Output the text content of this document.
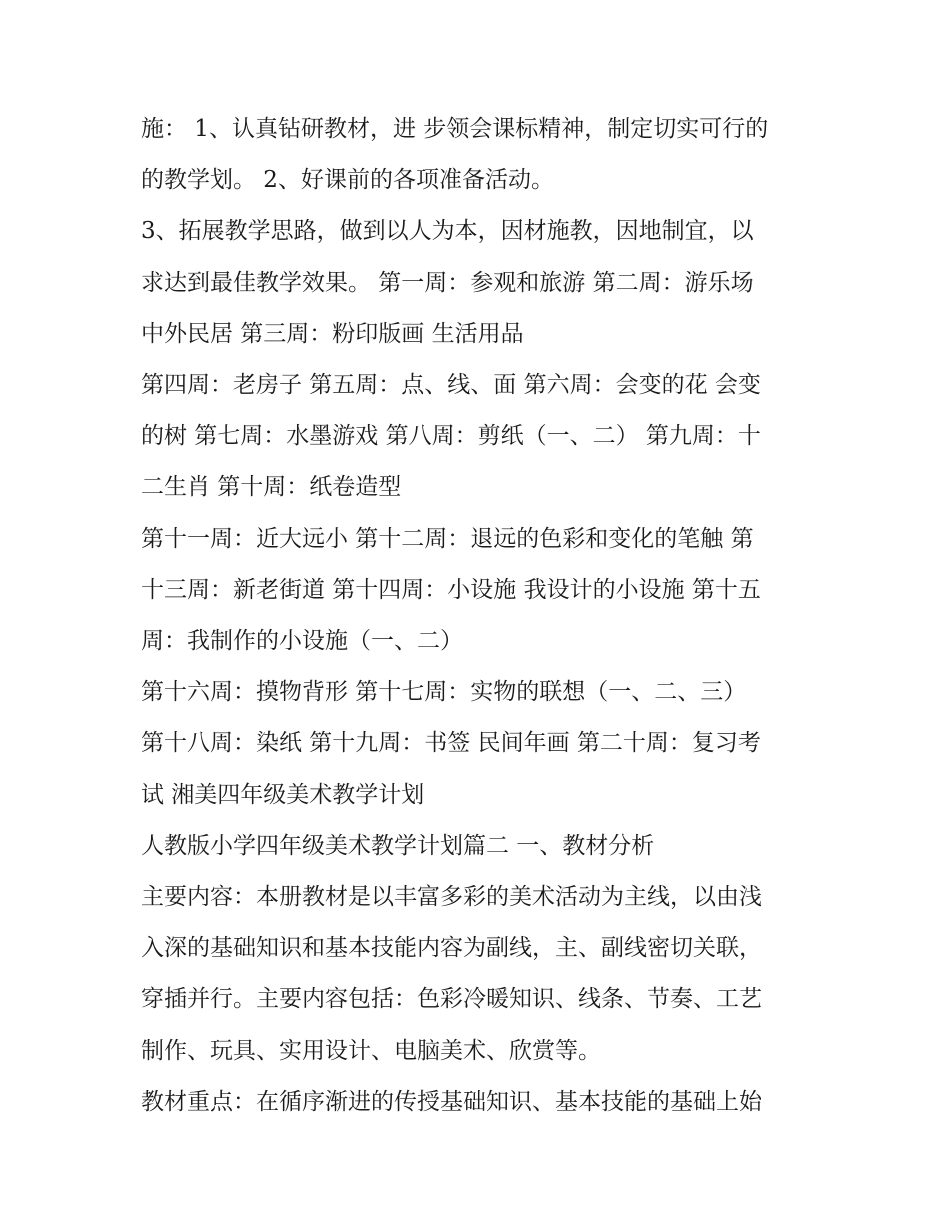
施： 1、认真钻研教材，进 步领会课标精神，制定切实可行的
的教学划。 2、好课前的各项准备活动。
3、拓展教学思路，做到以人为本，因材施教，因地制宜，以
求达到最佳教学效果。 第一周：参观和旅游 第二周：游乐场
中外民居 第三周：粉印版画 生活用品
第四周：老房子 第五周：点、线、面 第六周：会变的花 会变
的树 第七周：水墨游戏 第八周：剪纸（一、二） 第九周：十
二生肖 第十周：纸卷造型
第十一周：近大远小 第十二周：退远的色彩和变化的笔触 第
十三周：新老街道 第十四周：小设施 我设计的小设施 第十五
周：我制作的小设施（一、二）
第十六周：摸物背形 第十七周：实物的联想（一、二、三）
第十八周：染纸 第十九周：书签 民间年画 第二十周：复习考
试 湘美四年级美术教学计划
人教版小学四年级美术教学计划篇二 一、教材分析
主要内容：本册教材是以丰富多彩的美术活动为主线，以由浅
入深的基础知识和基本技能内容为副线，主、副线密切关联，
穿插并行。主要内容包括：色彩冷暖知识、线条、节奏、工艺
制作、玩具、实用设计、电脑美术、欣赏等。
教材重点：在循序渐进的传授基础知识、基本技能的基础上始
